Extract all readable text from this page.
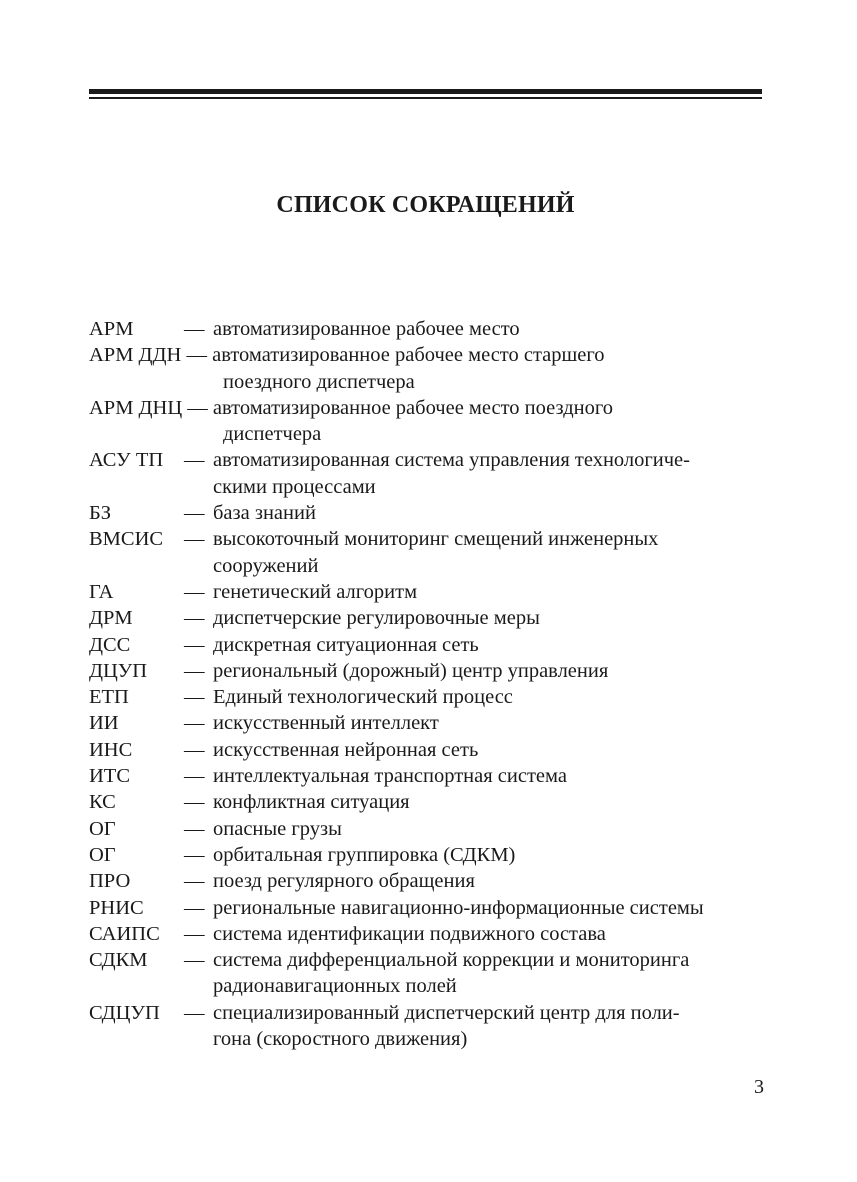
СПИСОК СОКРАЩЕНИЙ
АРМ — автоматизированное рабочее место
АРМ ДДН — автоматизированное рабочее место старшего
поездного диспетчера
АРМ ДНЦ — автоматизированное рабочее место поездного
диспетчера
АСУ ТП — автоматизированная система управления технологиче-
скими процессами
БЗ	— база знаний
ВМСИС — высокоточный мониторинг смещений инженерных
сооружений
ГА	— генетический алгоритм
ДРМ	— диспетчерские регулировочные меры
ДСС	— дискретная ситуационная сеть
ДЦУП — региональный (дорожный) центр управления
ЕТП	— Единый технологический процесс
ИИ	— искусственный интеллект
ИНС	— искусственная нейронная сеть
ИТС	— интеллектуальная транспортная система
КС	— конфликтная ситуация
ОГ	— опасные грузы
ОГ	— орбитальная группировка (СДКМ)
ПРО	— поезд регулярного обращения
РНИС — региональные навигационно-информационные системы
САИПС — система идентификации подвижного состава
СДКМ — система дифференциальной коррекции и мониторинга
радионавигационных полей
СДЦУП — специализированный диспетчерский центр для поли-
гона (скоростного движения)
3
